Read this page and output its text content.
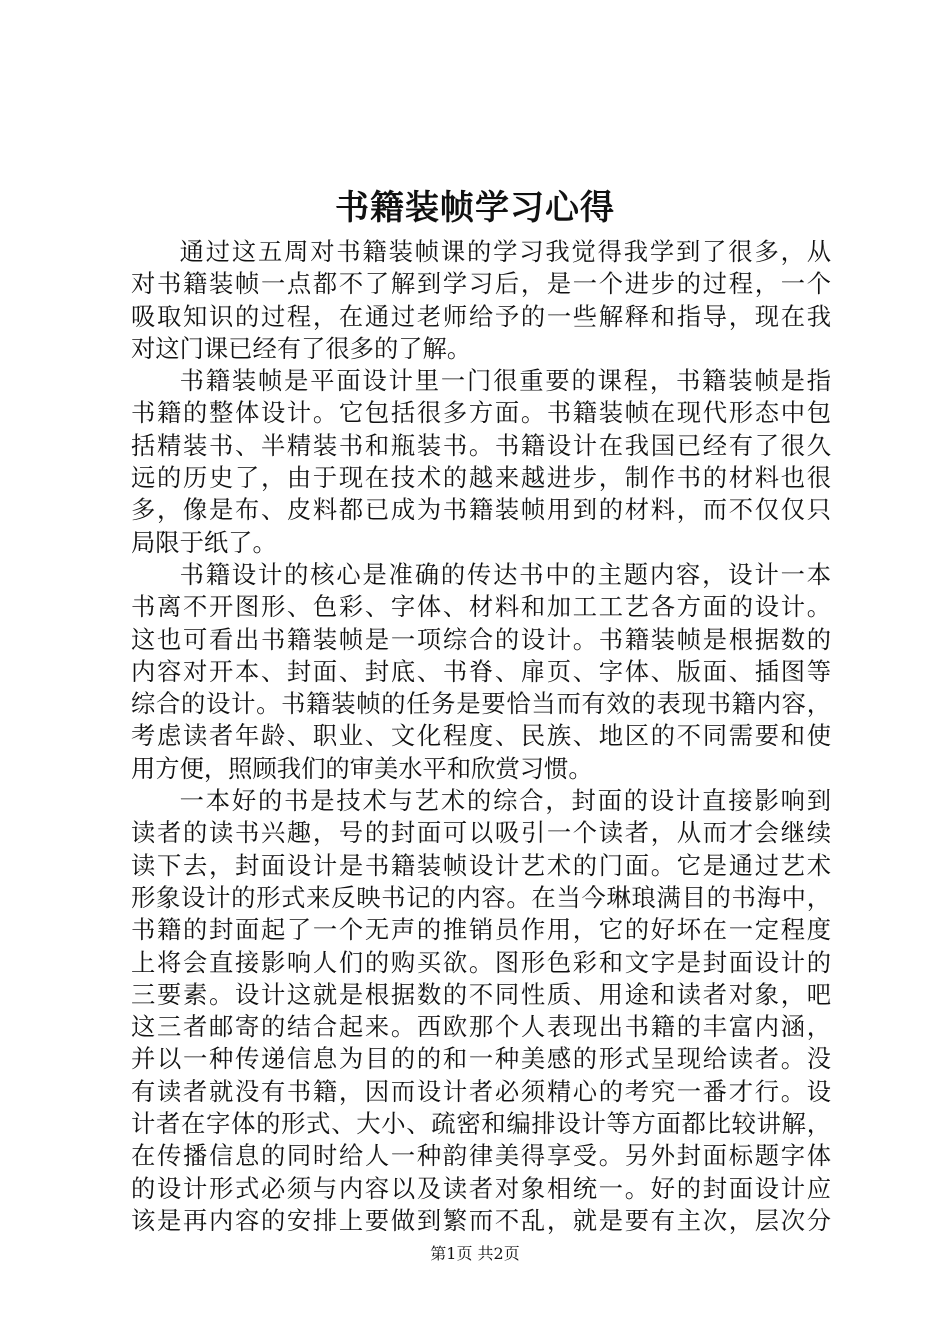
书籍装帧学习心得
通过这五周对书籍装帧课的学习我觉得我学到了很多，从
对书籍装帧一点都不了解到学习后，是一个进步的过程，一个
吸取知识的过程，在通过老师给予的一些解释和指导，现在我
对这门课已经有了很多的了解。
书籍装帧是平面设计里一门很重要的课程，书籍装帧是指
书籍的整体设计。它包括很多方面。书籍装帧在现代形态中包
括精装书、半精装书和瓶装书。书籍设计在我国已经有了很久
远的历史了，由于现在技术的越来越进步，制作书的材料也很
多，像是布、皮料都已成为书籍装帧用到的材料，而不仅仅只
局限于纸了。
书籍设计的核心是准确的传达书中的主题内容，设计一本
书离不开图形、色彩、字体、材料和加工工艺各方面的设计。
这也可看出书籍装帧是一项综合的设计。书籍装帧是根据数的
内容对开本、封面、封底、书脊、扉页、字体、版面、插图等
综合的设计。书籍装帧的任务是要恰当而有效的表现书籍内容，
考虑读者年龄、职业、文化程度、民族、地区的不同需要和使
用方便，照顾我们的审美水平和欣赏习惯。
一本好的书是技术与艺术的综合，封面的设计直接影响到
读者的读书兴趣，号的封面可以吸引一个读者，从而才会继续
读下去，封面设计是书籍装帧设计艺术的门面。它是通过艺术
形象设计的形式来反映书记的内容。在当今琳琅满目的书海中，
书籍的封面起了一个无声的推销员作用，它的好坏在一定程度
上将会直接影响人们的购买欲。图形色彩和文字是封面设计的
三要素。设计这就是根据数的不同性质、用途和读者对象，吧
这三者邮寄的结合起来。西欧那个人表现出书籍的丰富内涵，
并以一种传递信息为目的的和一种美感的形式呈现给读者。没
有读者就没有书籍，因而设计者必须精心的考究一番才行。设
计者在字体的形式、大小、疏密和编排设计等方面都比较讲解，
在传播信息的同时给人一种韵律美得享受。另外封面标题字体
的设计形式必须与内容以及读者对象相统一。好的封面设计应
该是再内容的安排上要做到繁而不乱，就是要有主次，层次分
第1页 共2页
